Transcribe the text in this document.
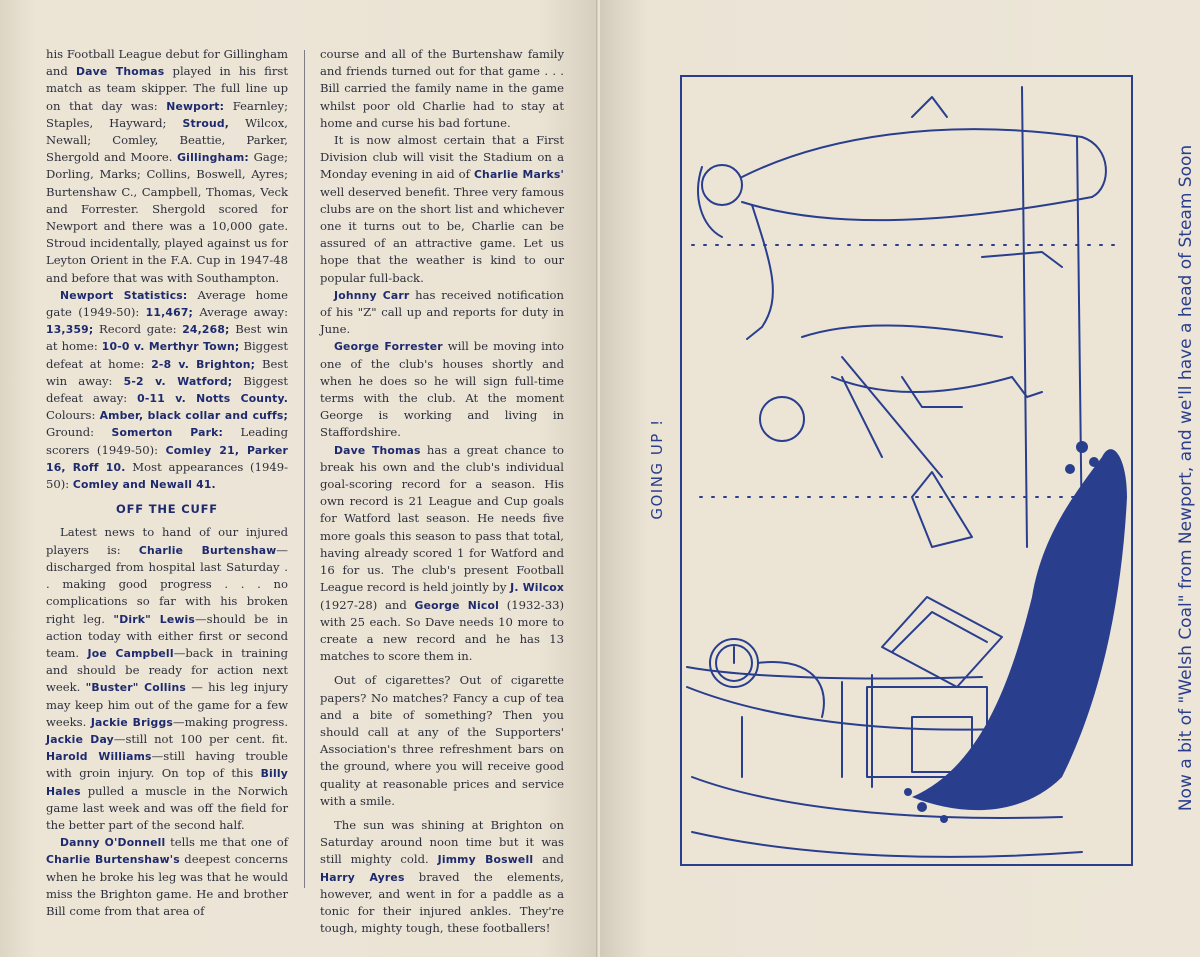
his Football League debut for Gillingham and Dave Thomas played in his first match as team skipper. The full line up on that day was: Newport: Fearnley; Staples, Hayward; Stroud, Wilcox, Newall; Comley, Beattie, Parker, Shergold and Moore. Gillingham: Gage; Dorling, Marks; Collins, Boswell, Ayres; Burtenshaw C., Campbell, Thomas, Veck and Forrester. Shergold scored for Newport and there was a 10,000 gate. Stroud incidentally, played against us for Leyton Orient in the F.A. Cup in 1947-48 and before that was with Southampton.

Newport Statistics: Average home gate (1949-50): 11,467; Average away: 13,359; Record gate: 24,268; Best win at home: 10-0 v. Merthyr Town; Biggest defeat at home: 2-8 v. Brighton; Best win away: 5-2 v. Watford; Biggest defeat away: 0-11 v. Notts County. Colours: Amber, black collar and cuffs; Ground: Somerton Park: Leading scorers (1949-50): Comley 21, Parker 16, Roff 10. Most appearances (1949-50): Comley and Newall 41.

OFF THE CUFF

Latest news to hand of our injured players is: Charlie Burtenshaw—discharged from hospital last Saturday . . making good progress . . . no complications so far with his broken right leg. "Dirk" Lewis—should be in action today with either first or second team. Joe Campbell—back in training and should be ready for action next week. "Buster" Collins — his leg injury may keep him out of the game for a few weeks. Jackie Briggs—making progress. Jackie Day—still not 100 per cent. fit. Harold Williams—still having trouble with groin injury. On top of this Billy Hales pulled a muscle in the Norwich game last week and was off the field for the better part of the second half.

Danny O'Donnell tells me that one of Charlie Burtenshaw's deepest concerns when he broke his leg was that he would miss the Brighton game. He and brother Bill come from that area of

course and all of the Burtenshaw family and friends turned out for that game . . . Bill carried the family name in the game whilst poor old Charlie had to stay at home and curse his bad fortune.

It is now almost certain that a First Division club will visit the Stadium on a Monday evening in aid of Charlie Marks' well deserved benefit. Three very famous clubs are on the short list and whichever one it turns out to be, Charlie can be assured of an attractive game. Let us hope that the weather is kind to our popular full-back.

Johnny Carr has received notification of his "Z" call up and reports for duty in June.

George Forrester will be moving into one of the club's houses shortly and when he does so he will sign full-time terms with the club. At the moment George is working and living in Staffordshire.

Dave Thomas has a great chance to break his own and the club's individual goal-scoring record for a season. His own record is 21 League and Cup goals for Watford last season. He needs five more goals this season to pass that total, having already scored 1 for Watford and 16 for us. The club's present Football League record is held jointly by J. Wilcox (1927-28) and George Nicol (1932-33) with 25 each. So Dave needs 10 more to create a new record and he has 13 matches to score them in.

Out of cigarettes? Out of cigarette papers? No matches? Fancy a cup of tea and a bite of something? Then you should call at any of the Supporters' Association's three refreshment bars on the ground, where you will receive good quality at reasonable prices and service with a smile.

The sun was shining at Brighton on Saturday around noon time but it was still mighty cold. Jimmy Boswell and Harry Ayres braved the elements, however, and went in for a paddle as a tonic for their injured ankles. They're tough, mighty tough, these footballers!

GOING UP !	Now a bit of "Welsh Coal" from Newport, and we'll have a head of Steam Soon
